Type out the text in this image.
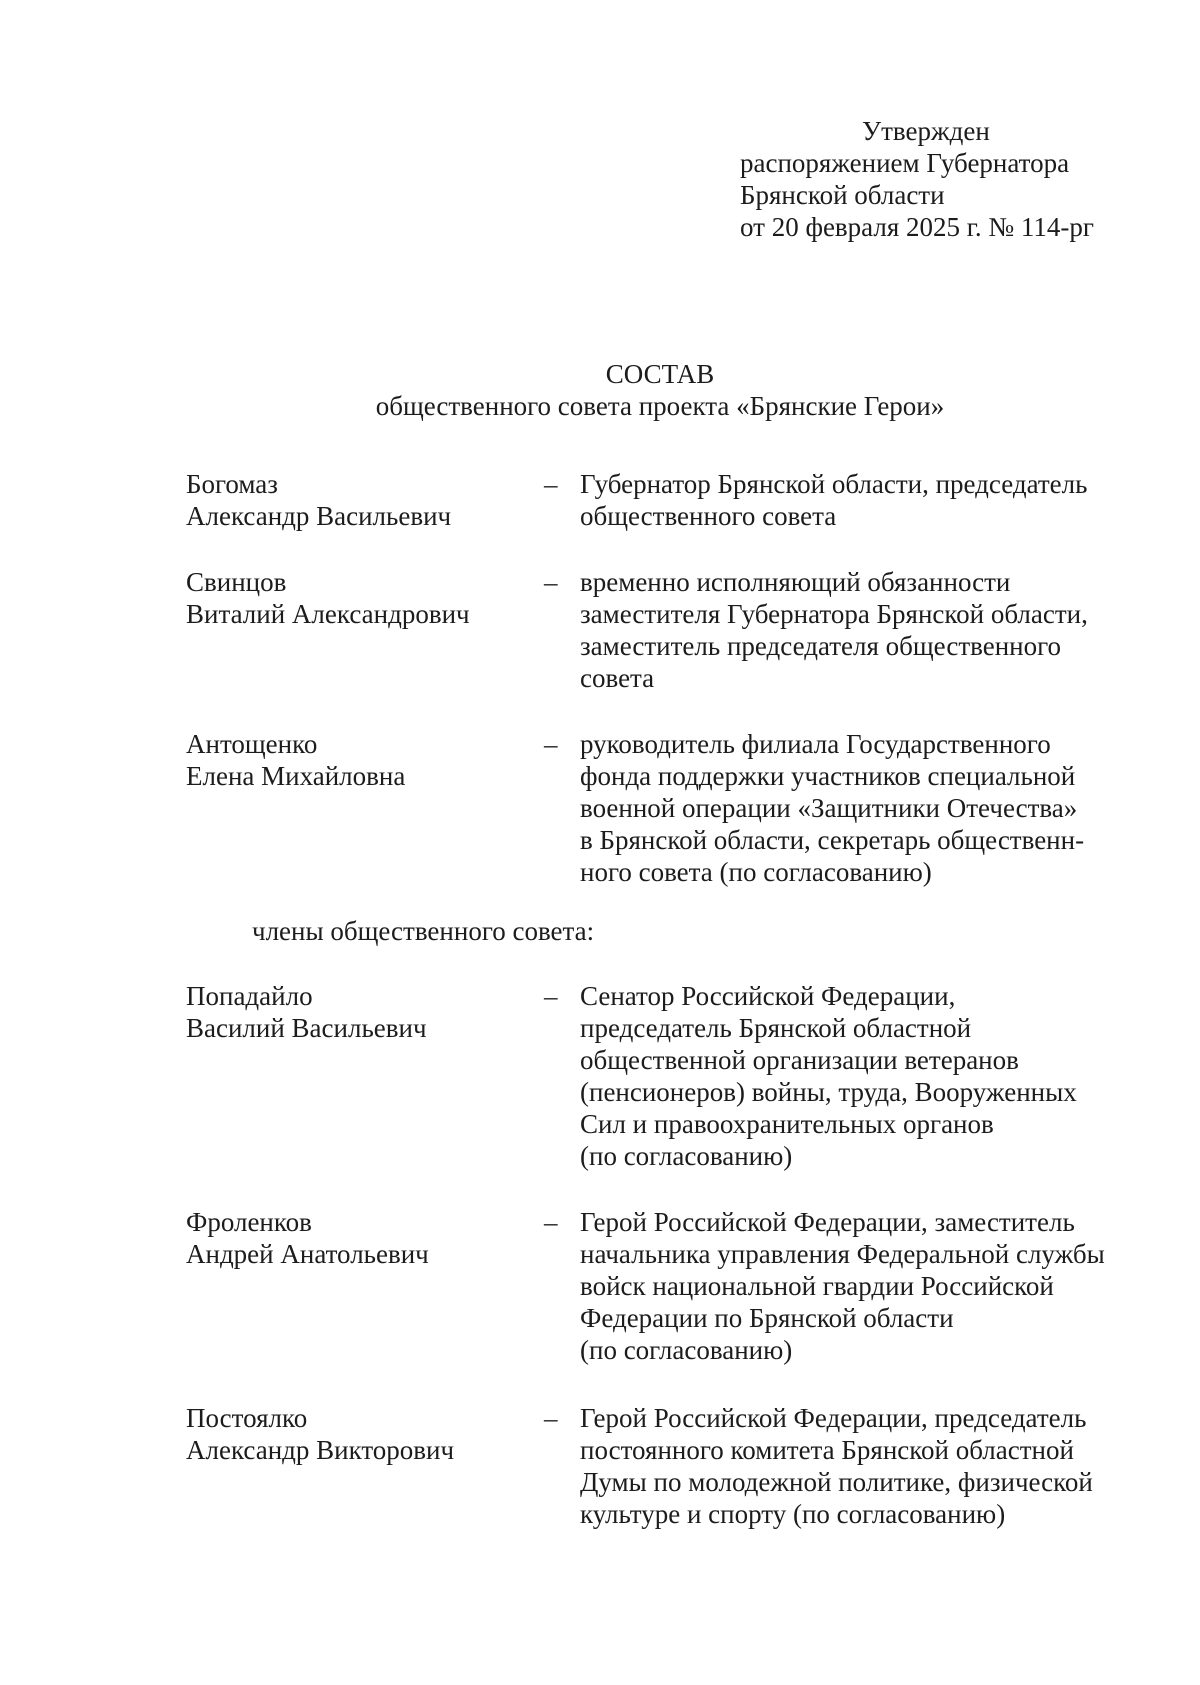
Утвержден
распоряжением Губернатора
Брянской области
от 20 февраля 2025 г. № 114-рг
СОСТАВ
общественного совета проекта «Брянские Герои»
Богомаз
Александр Васильевич
– Губернатор Брянской области, председатель
общественного совета
Свинцов
Виталий Александрович
– временно исполняющий обязанности
заместителя Губернатора Брянской области,
заместитель председателя общественного
совета
Антощенко
Елена Михайловна
– руководитель филиала Государственного
фонда поддержки участников специальной
военной операции «Защитники Отечества»
в Брянской области, секретарь общественн-
ного совета (по согласованию)
члены общественного совета:
Попадайло
Василий Васильевич
– Сенатор Российской Федерации,
председатель Брянской областной
общественной организации ветеранов
(пенсионеров) войны, труда, Вооруженных
Сил и правоохранительных органов
(по согласованию)
Фроленков
Андрей Анатольевич
– Герой Российской Федерации, заместитель
начальника управления Федеральной службы
войск национальной гвардии Российской
Федерации по Брянской области
(по согласованию)
Постоялко
Александр Викторович
– Герой Российской Федерации, председатель
постоянного комитета Брянской областной
Думы по молодежной политике, физической
культуре и спорту (по согласованию)
